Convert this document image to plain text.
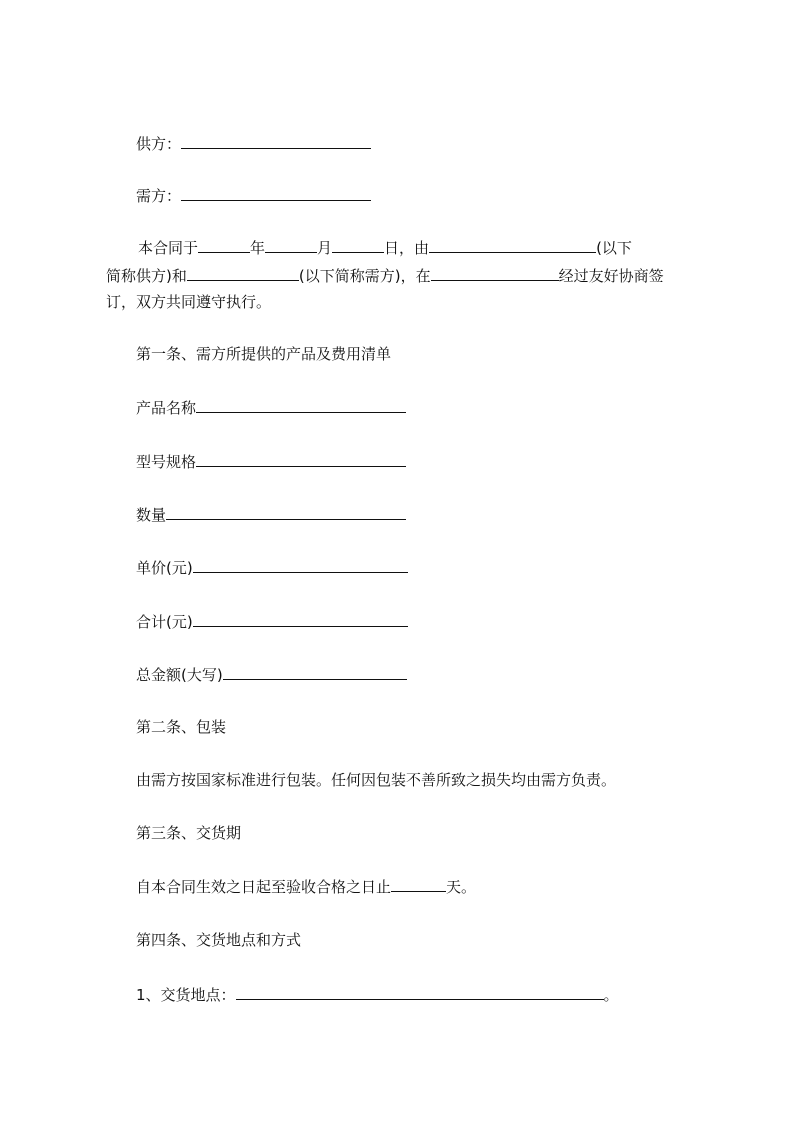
供方：
需方：
本合同于	年	月	日，由	(以下
简称供方)和	(以下简称需方)，在	经过友好协商签
订，双方共同遵守执行。
第一条、需方所提供的产品及费用清单
产品名称
型号规格
数量
单价(元)
合计(元)
总金额(大写)
第二条、包装
由需方按国家标准进行包装。任何因包装不善所致之损失均由需方负责。
第三条、交货期
自本合同生效之日起至验收合格之日止	天。
第四条、交货地点和方式
1、交货地点：	。
